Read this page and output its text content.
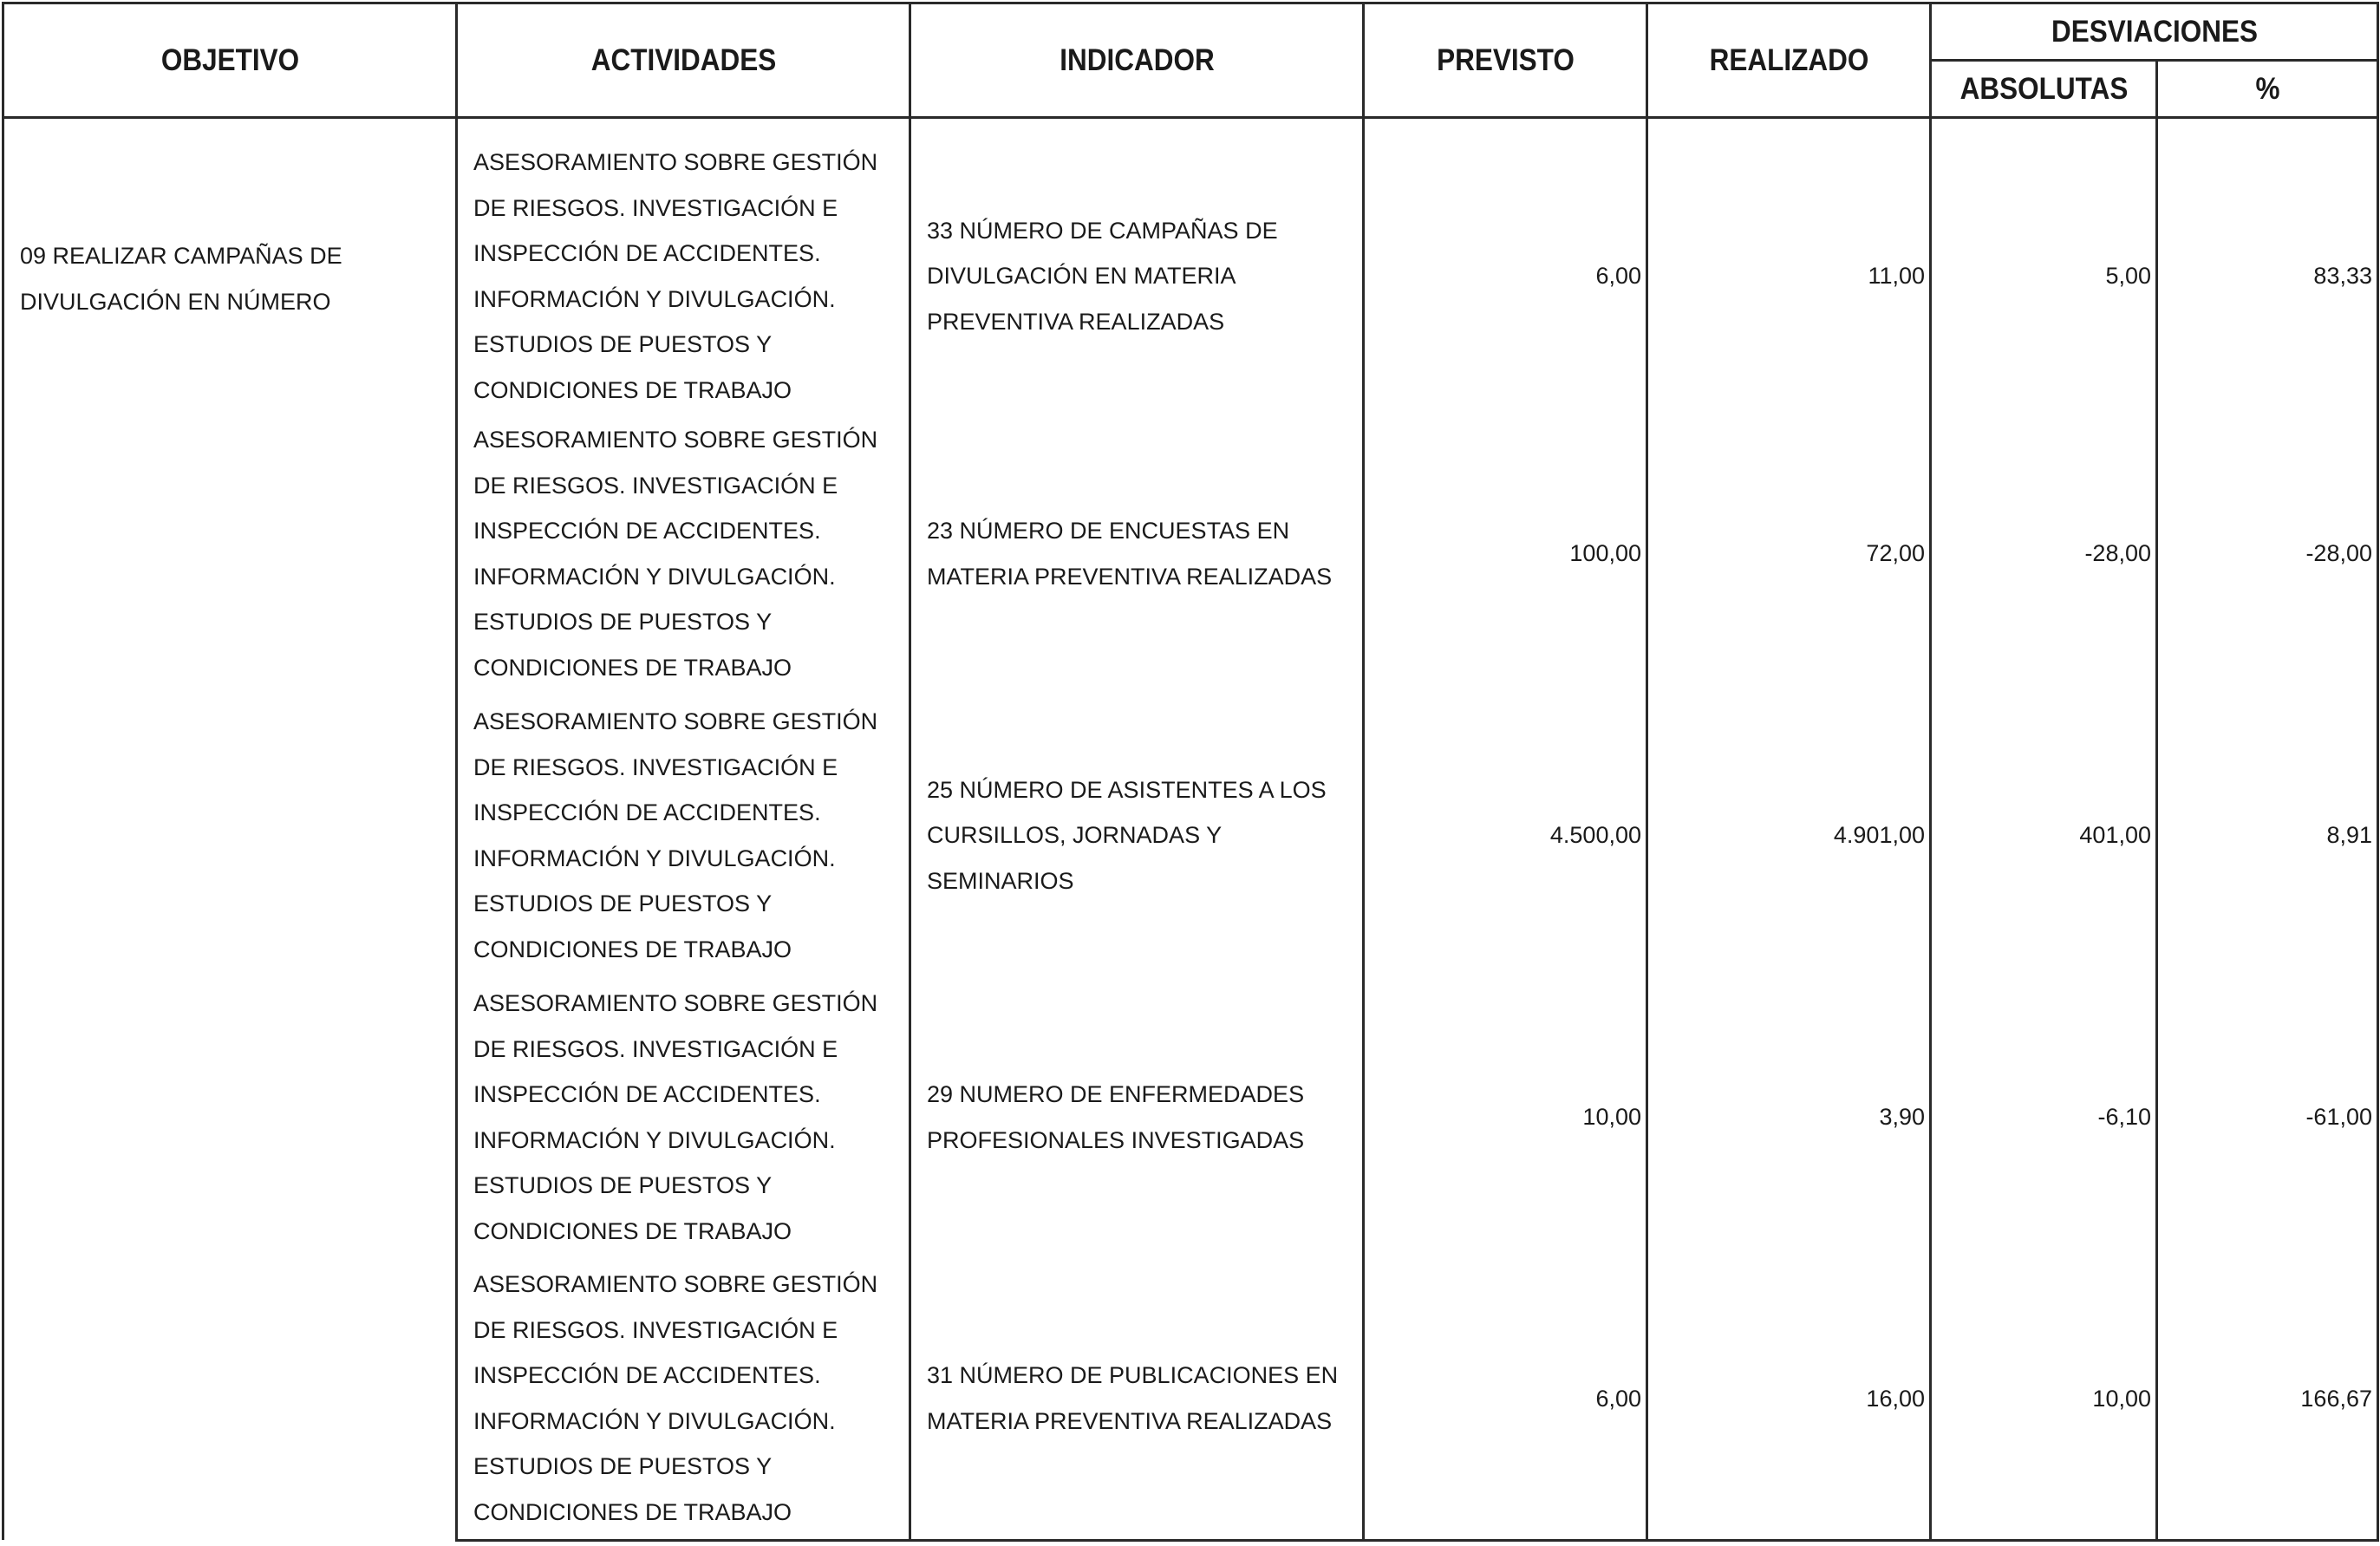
OBJETIVO	ACTIVIDADES	INDICADOR	PREVISTO	REALIZADO	DESVIACIONES	
					ABSOLUTAS	%
09 REALIZAR CAMPAÑAS DE DIVULGACIÓN EN NÚMERO	ASESORAMIENTO SOBRE GESTIÓN DE RIESGOS. INVESTIGACIÓN E INSPECCIÓN DE ACCIDENTES. INFORMACIÓN Y DIVULGACIÓN. ESTUDIOS DE PUESTOS Y CONDICIONES DE TRABAJO	33 NÚMERO DE CAMPAÑAS DE DIVULGACIÓN EN MATERIA PREVENTIVA REALIZADAS	6,00	11,00	5,00	83,33
	ASESORAMIENTO SOBRE GESTIÓN DE RIESGOS. INVESTIGACIÓN E INSPECCIÓN DE ACCIDENTES. INFORMACIÓN Y DIVULGACIÓN. ESTUDIOS DE PUESTOS Y CONDICIONES DE TRABAJO	23 NÚMERO DE ENCUESTAS EN MATERIA PREVENTIVA REALIZADAS	100,00	72,00	-28,00	-28,00
	ASESORAMIENTO SOBRE GESTIÓN DE RIESGOS. INVESTIGACIÓN E INSPECCIÓN DE ACCIDENTES. INFORMACIÓN Y DIVULGACIÓN. ESTUDIOS DE PUESTOS Y CONDICIONES DE TRABAJO	25 NÚMERO DE ASISTENTES A LOS CURSILLOS, JORNADAS Y SEMINARIOS	4.500,00	4.901,00	401,00	8,91
	ASESORAMIENTO SOBRE GESTIÓN DE RIESGOS. INVESTIGACIÓN E INSPECCIÓN DE ACCIDENTES. INFORMACIÓN Y DIVULGACIÓN. ESTUDIOS DE PUESTOS Y CONDICIONES DE TRABAJO	29 NUMERO DE ENFERMEDADES PROFESIONALES INVESTIGADAS	10,00	3,90	-6,10	-61,00
	ASESORAMIENTO SOBRE GESTIÓN DE RIESGOS. INVESTIGACIÓN E INSPECCIÓN DE ACCIDENTES. INFORMACIÓN Y DIVULGACIÓN. ESTUDIOS DE PUESTOS Y CONDICIONES DE TRABAJO	31 NÚMERO DE PUBLICACIONES EN MATERIA PREVENTIVA REALIZADAS	6,00	16,00	10,00	166,67
